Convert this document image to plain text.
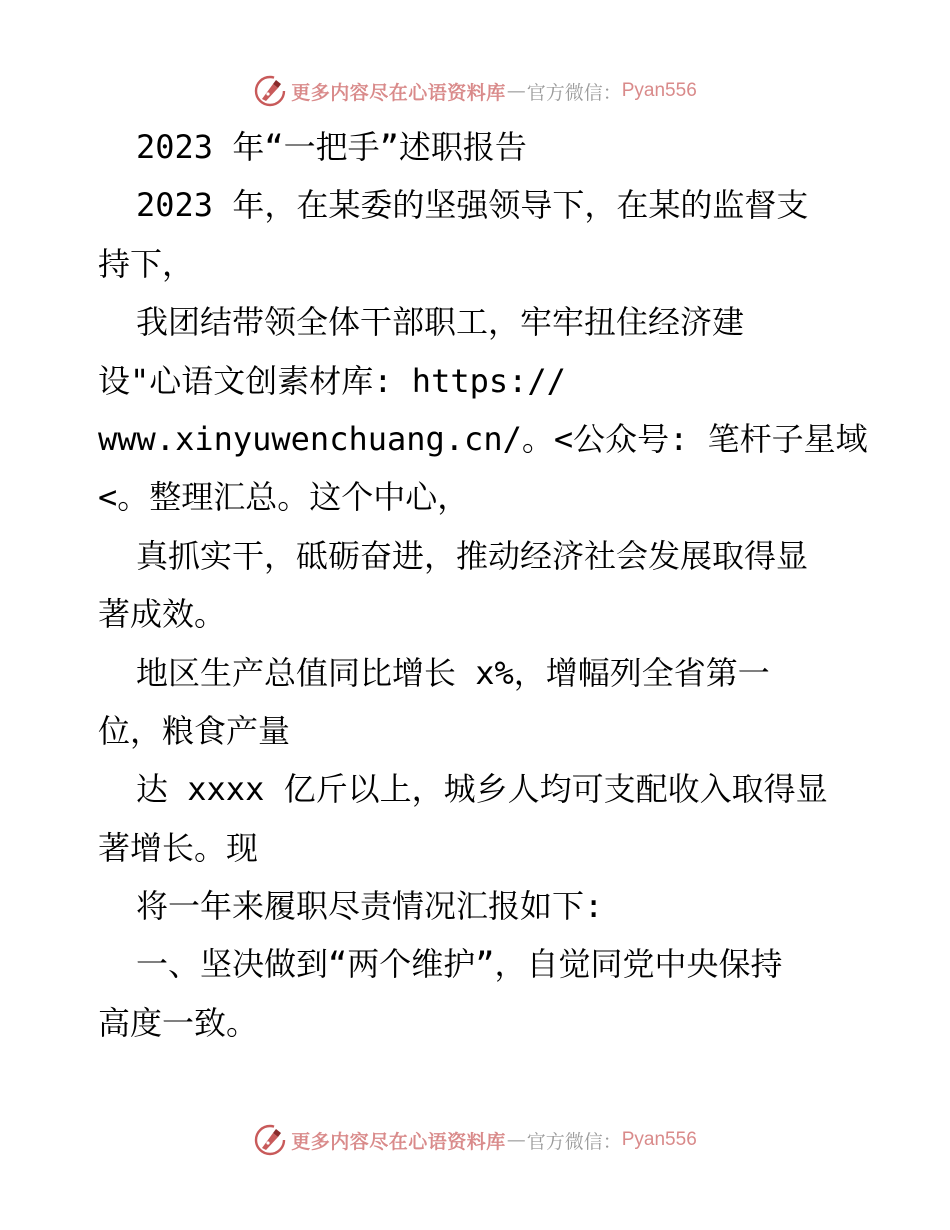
更多内容尽在心语资料库 — 官方微信： Pyan556
2023 年“一把手”述职报告
2023 年，在某委的坚强领导下，在某的监督支
持下，
我团结带领全体干部职工，牢牢扭住经济建
设"心语文创素材库: https://
www.xinyuwenchuang.cn/。<公众号: 笔杆子星域
<。整理汇总。这个中心，
真抓实干，砥砺奋进，推动经济社会发展取得显
著成效。
地区生产总值同比增长 x%，增幅列全省第一
位，粮食产量
达 xxxx 亿斤以上，城乡人均可支配收入取得显
著增长。现
将一年来履职尽责情况汇报如下:
一、坚决做到“两个维护”，自觉同党中央保持
高度一致。
更多内容尽在心语资料库 — 官方微信： Pyan556
